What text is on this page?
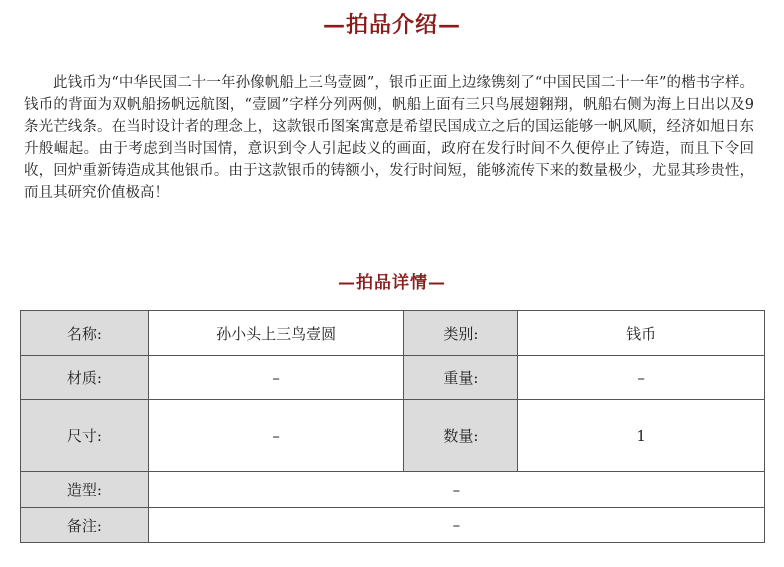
—拍品介绍—

此钱币为“中华民国二十一年孙像帆船上三鸟壹圆”，银币正面上边缘镌刻了“中国民国二十一年”的楷书字样。钱币的背面为双帆船扬帆远航图，“壹圆”字样分列两侧，帆船上面有三只鸟展翅翱翔，帆船右侧为海上日出以及9条光芒线条。在当时设计者的理念上，这款银币图案寓意是希望民国成立之后的国运能够一帆风顺，经济如旭日东升般崛起。由于考虑到当时国情，意识到令人引起歧义的画面，政府在发行时间不久便停止了铸造，而且下令回收，回炉重新铸造成其他银币。由于这款银币的铸额小，发行时间短，能够流传下来的数量极少，尤显其珍贵性，而且其研究价值极高！

—拍品详情—
名称:	孙小头上三鸟壹圆	类别:	钱币
材质:	–	重量:	–
尺寸:	–	数量:	1
造型:	–		
备注:	–		
